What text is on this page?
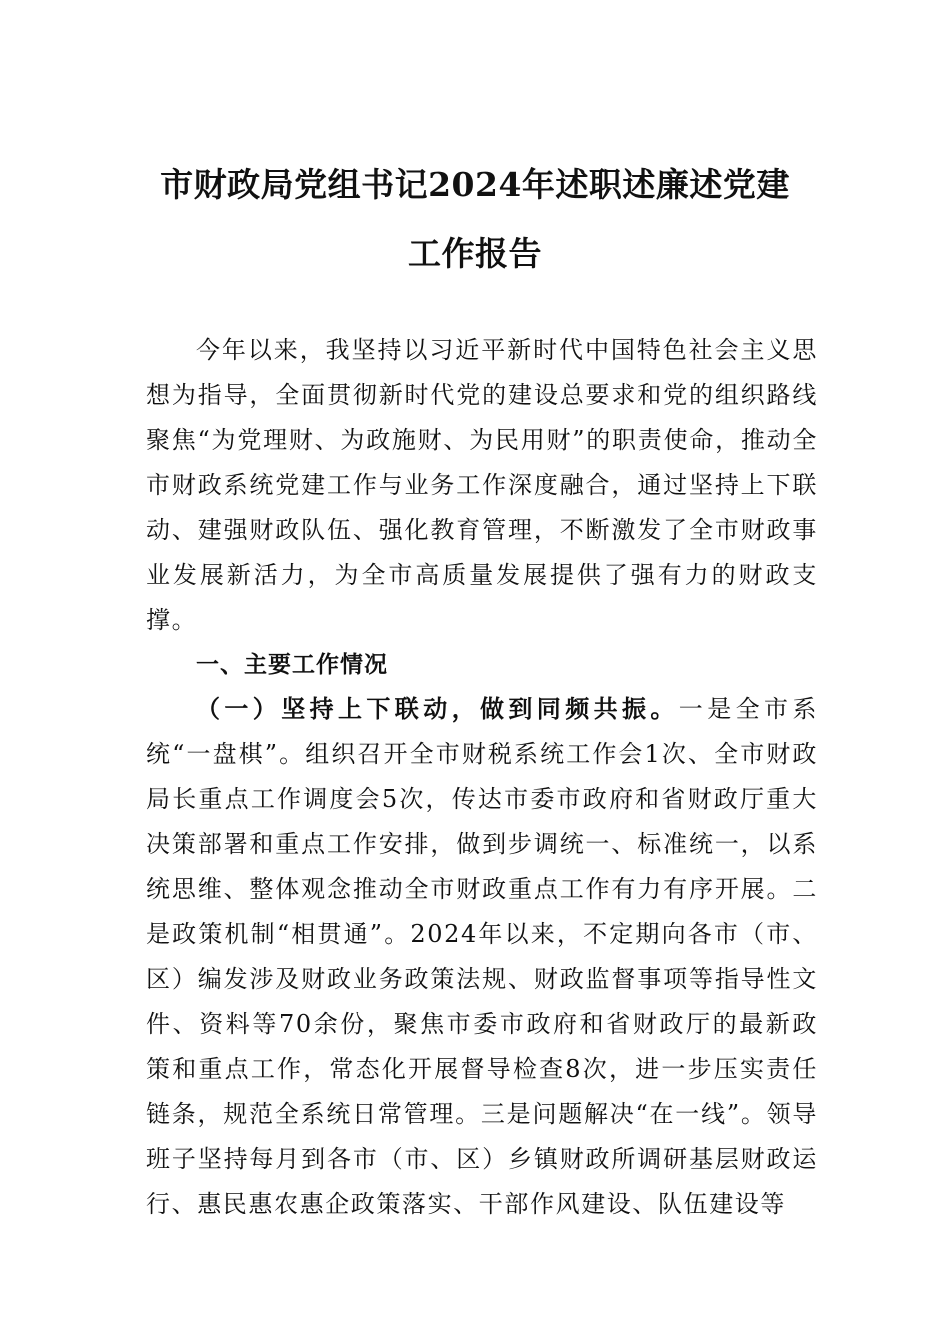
市财政局党组书记2024年述职述廉述党建
工作报告

今年以来，我坚持以习近平新时代中国特色社会主义思想为指导，全面贯彻新时代党的建设总要求和党的组织路线聚焦“为党理财、为政施财、为民用财”的职责使命，推动全市财政系统党建工作与业务工作深度融合，通过坚持上下联动、建强财政队伍、强化教育管理，不断激发了全市财政事业发展新活力，为全市高质量发展提供了强有力的财政支撑。

一、主要工作情况

（一）坚持上下联动，做到同频共振。一是全市系统“一盘棋”。组织召开全市财税系统工作会1次、全市财政局长重点工作调度会5次，传达市委市政府和省财政厅重大决策部署和重点工作安排，做到步调统一、标准统一，以系统思维、整体观念推动全市财政重点工作有力有序开展。二是政策机制“相贯通”。2024年以来，不定期向各市（市、区）编发涉及财政业务政策法规、财政监督事项等指导性文件、资料等70余份，聚焦市委市政府和省财政厅的最新政策和重点工作，常态化开展督导检查8次，进一步压实责任链条，规范全系统日常管理。三是问题解决“在一线”。领导班子坚持每月到各市（市、区）乡镇财政所调研基层财政运行、惠民惠农惠企政策落实、干部作风建设、队伍建设等
